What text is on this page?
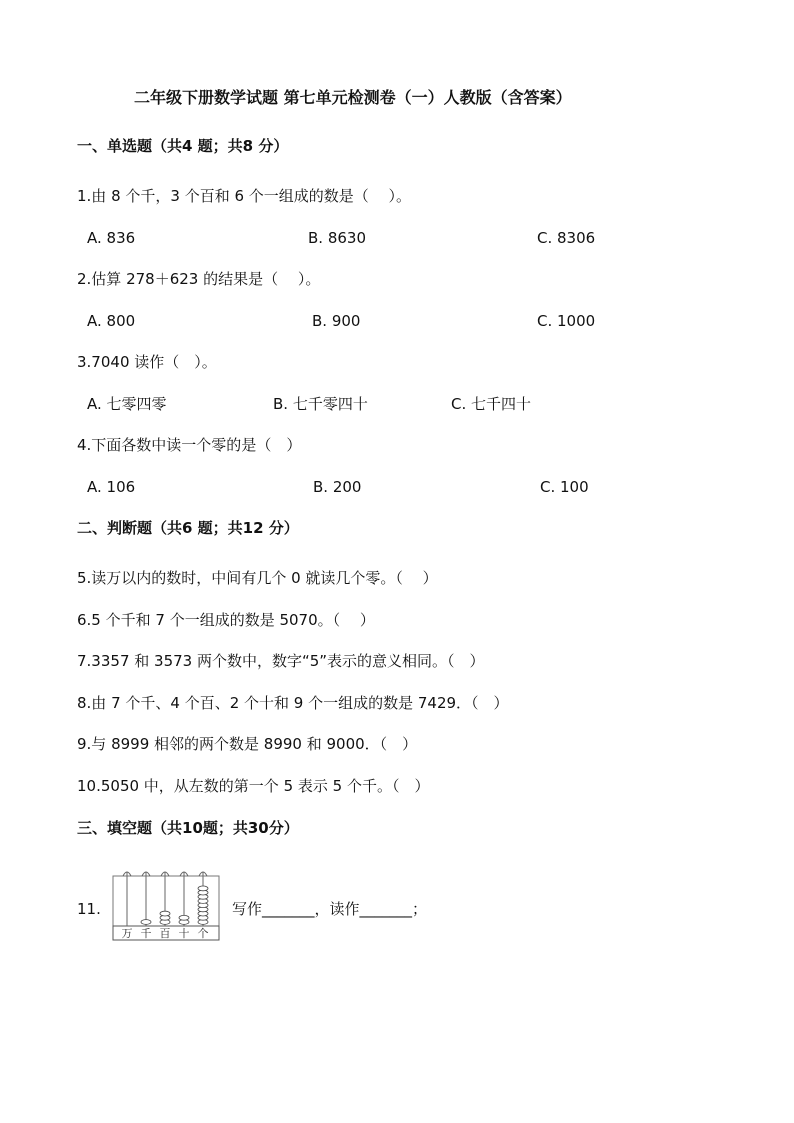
二年级下册数学试题 第七单元检测卷（一）人教版（含答案）
一、单选题（共4 题；共8 分）
1.由 8 个千，3 个百和 6 个一组成的数是（　 ）。
A. 836	B. 8630	C. 8306
2.估算 278＋623 的结果是（　 ）。
A. 800	B. 900	C. 1000
3.7040 读作（　）。
A. 七零四零	B. 七千零四十	C. 七千四十
4.下面各数中读一个零的是（　）
A. 106	B. 200	C. 100
二、判断题（共6 题；共12 分）
5.读万以内的数时，中间有几个 0 就读几个零。（　 ）
6.5 个千和 7 个一组成的数是 5070。（　 ）
7.3357 和 3573 两个数中，数字“5”表示的意义相同。（　）
8.由 7 个千、4 个百、2 个十和 9 个一组成的数是 7429．（　）
9.与 8999 相邻的两个数是 8990 和 9000．（　）
10.5050 中，从左数的第一个 5 表示 5 个千。（　）
三、填空题（共10题；共30分）
11.
万 千 百 十 个
写作_______，读作_______；
